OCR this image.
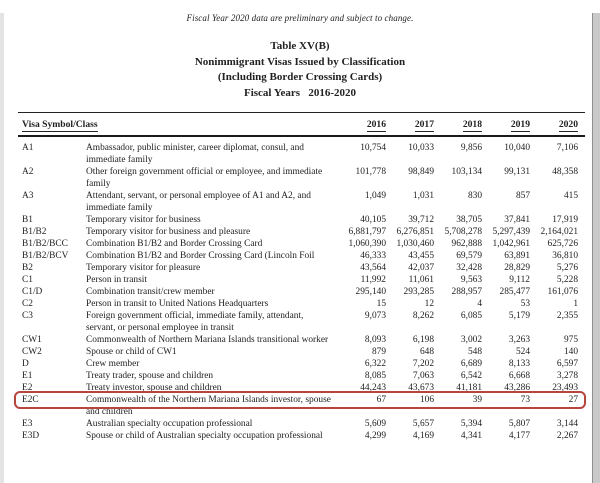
Fiscal Year 2020 data are preliminary and subject to change.
Table XV(B)
Nonimmigrant Visas Issued by Classification
(Including Border Crossing Cards)
Fiscal Years   2016-2020
Visa Symbol/Class		2016	2017	2018	2019	2020
A1	Ambassador, public minister, career diplomat, consul, and immediate family	10,754	10,033	9,856	10,040	7,106
A2	Other foreign government official or employee, and immediate family	101,778	98,849	103,134	99,131	48,358
A3	Attendant, servant, or personal employee of A1 and A2, and immediate family	1,049	1,031	830	857	415
B1	Temporary visitor for business	40,105	39,712	38,705	37,841	17,919
B1/B2	Temporary visitor for business and pleasure	6,881,797	6,276,851	5,708,278	5,297,439	2,164,021
B1/B2/BCC	Combination B1/B2 and Border Crossing Card	1,060,390	1,030,460	962,888	1,042,961	625,726
B1/B2/BCV	Combination B1/B2 and Border Crossing Card (Lincoln Foil	46,333	43,455	69,579	63,891	36,810
B2	Temporary visitor for pleasure	43,564	42,037	32,428	28,829	5,276
C1	Person in transit	11,992	11,061	9,563	9,112	5,228
C1/D	Combination transit/crew member	295,140	293,285	288,957	285,477	161,076
C2	Person in transit to United Nations Headquarters	15	12	4	53	1
C3	Foreign government official, immediate family, attendant, servant, or personal employee in transit	9,073	8,262	6,085	5,179	2,355
CW1	Commonwealth of Northern Mariana Islands transitional worker	8,093	6,198	3,002	3,263	975
CW2	Spouse or child of CW1	879	648	548	524	140
D	Crew member	6,322	7,202	6,689	8,133	6,597
E1	Treaty trader, spouse and children	8,085	7,063	6,542	6,668	3,278
E2	Treaty investor, spouse and children	44,243	43,673	41,181	43,286	23,493
E2C	Commonwealth of the Northern Mariana Islands investor, spouse and children	67	106	39	73	27
E3	Australian specialty occupation professional	5,609	5,657	5,394	5,807	3,144
E3D	Spouse or child of Australian specialty occupation professional	4,299	4,169	4,341	4,177	2,267
